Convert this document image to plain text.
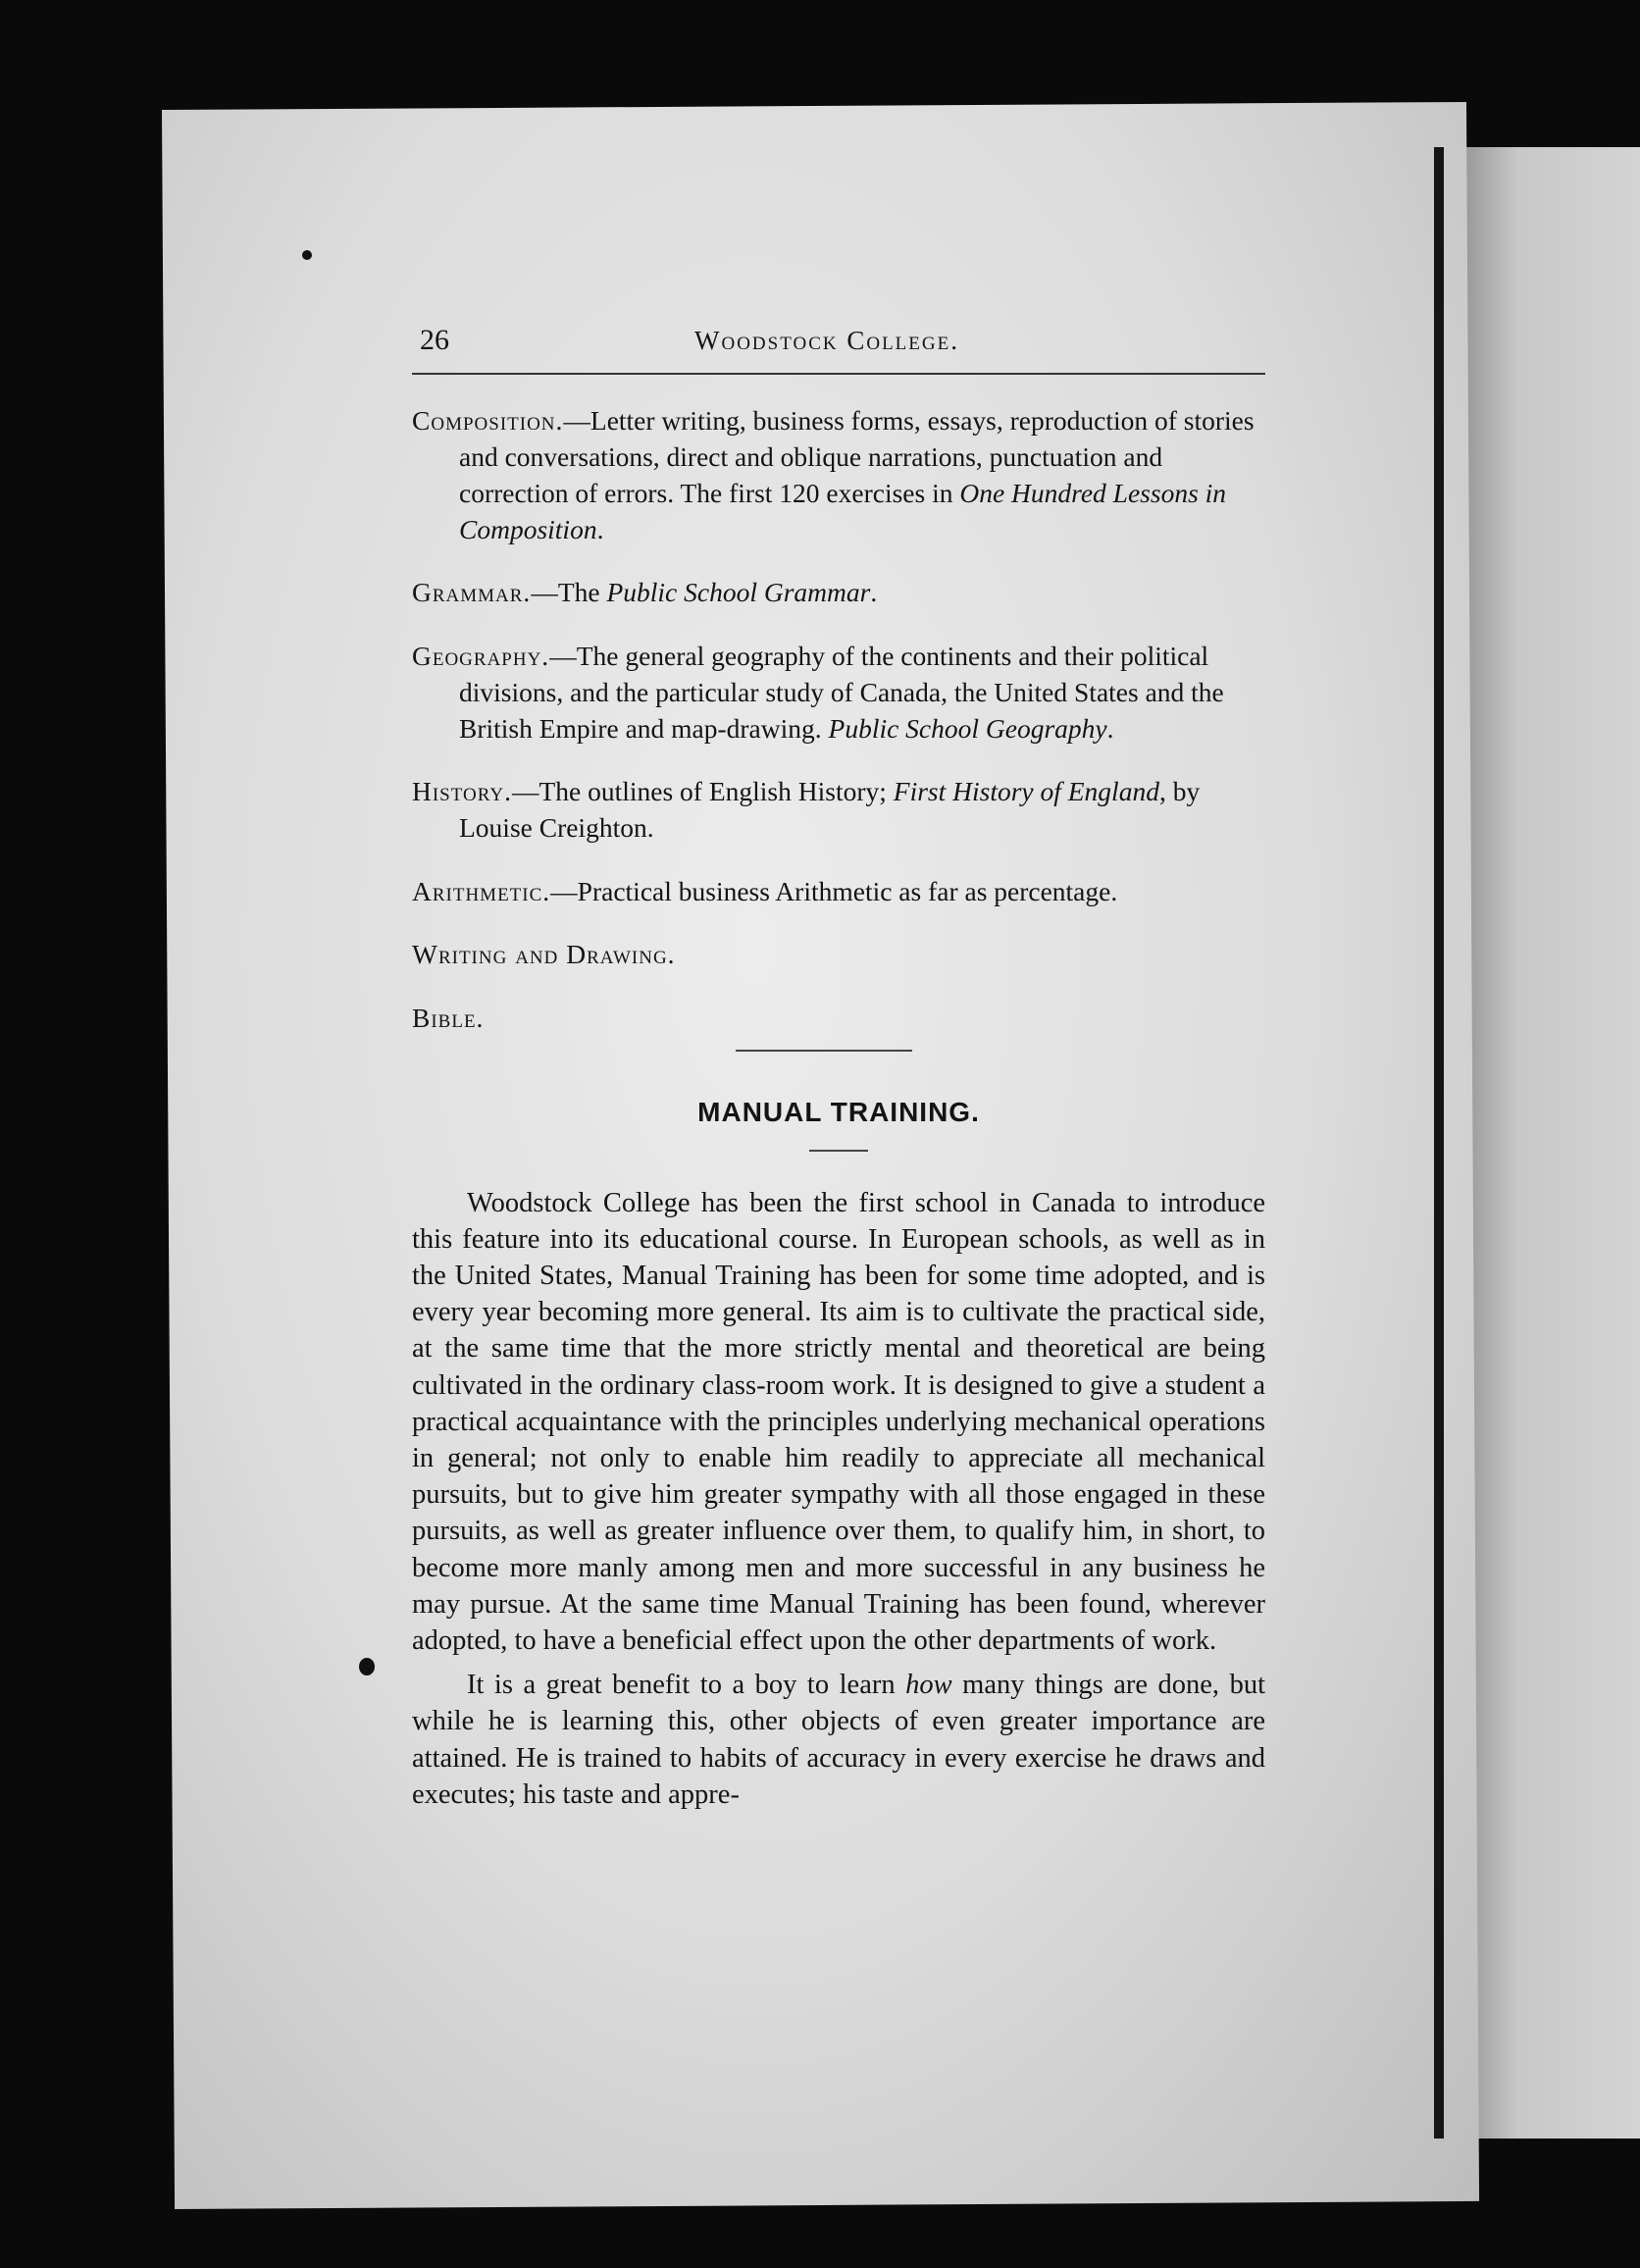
26	Woodstock College.

Composition.—Letter writing, business forms, essays, reproduction of stories and conversations, direct and oblique narrations, punctuation and correction of errors. The first 120 exercises in One Hundred Lessons in Composition.

Grammar.—The Public School Grammar.

Geography.—The general geography of the continents and their political divisions, and the particular study of Canada, the United States and the British Empire and map-drawing. Public School Geography.

History.—The outlines of English History; First History of England, by Louise Creighton.

Arithmetic.—Practical business Arithmetic as far as percentage.

Writing and Drawing.

Bible.

MANUAL TRAINING.

Woodstock College has been the first school in Canada to introduce this feature into its educational course. In European schools, as well as in the United States, Manual Training has been for some time adopted, and is every year becoming more general. Its aim is to cultivate the practical side, at the same time that the more strictly mental and theoretical are being cultivated in the ordinary class-room work. It is designed to give a student a practical acquaintance with the principles underlying mechanical operations in general; not only to enable him readily to appreciate all mechanical pursuits, but to give him greater sympathy with all those engaged in these pursuits, as well as greater influence over them, to qualify him, in short, to become more manly among men and more successful in any business he may pursue. At the same time Manual Training has been found, wherever adopted, to have a beneficial effect upon the other departments of work.

It is a great benefit to a boy to learn how many things are done, but while he is learning this, other objects of even greater importance are attained. He is trained to habits of accuracy in every exercise he draws and executes; his taste and appre-
